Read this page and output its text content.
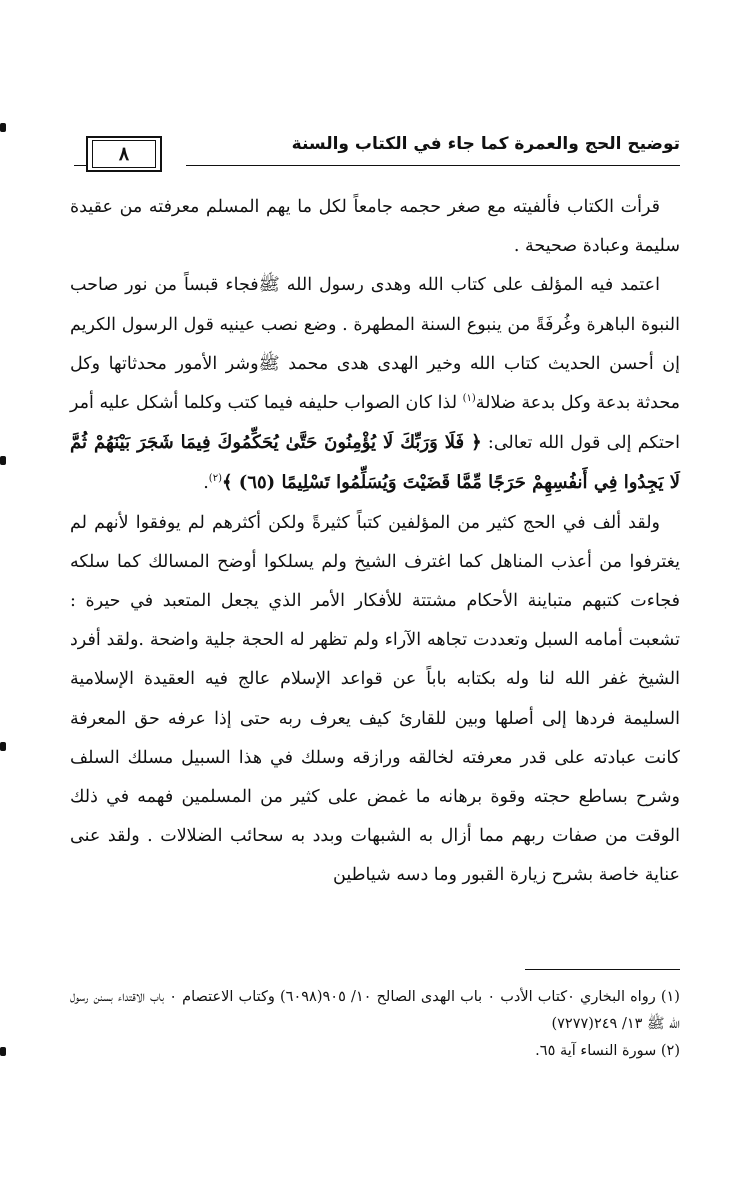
توضيح الحج والعمرة كما جاء في الكتاب والسنة
٨

قرأت الكتاب فألفيته مع صغر حجمه جامعاً لكل ما يهم المسلم معرفته من عقيدة سليمة وعبادة صحيحة .

اعتمد فيه المؤلف على كتاب الله وهدى رسول الله ﷺفجاء قبساً من نور صاحب النبوة الباهرة وغُرفَةً من ينبوع السنة المطهرة . وضع نصب عينيه قول الرسول الكريم إن أحسن الحديث كتاب الله وخير الهدى هدى محمد ﷺوشر الأمور محدثاتها وكل محدثة بدعة وكل بدعة ضلالة$^{(١)}$ لذا كان الصواب حليفه فيما كتب وكلما أشكل عليه أمر احتكم إلى قول الله تعالى: ﴿ فَلَا وَرَبِّكَ لَا يُؤْمِنُونَ حَتَّىٰ يُحَكِّمُوكَ فِيمَا شَجَرَ بَيْنَهُمْ ثُمَّ لَا يَجِدُوا فِي أَنفُسِهِمْ حَرَجًا مِّمَّا قَضَيْتَ وَيُسَلِّمُوا تَسْلِيمًا (٦٥) ﴾$^{(٢)}$.

ولقد ألف في الحج كثير من المؤلفين كتباً كثيرةً ولكن أكثرهم لم يوفقوا لأنهم لم يغترفوا من أعذب المناهل كما اغترف الشيخ ولم يسلكوا أوضح المسالك كما سلكه فجاءت كتبهم متباينة الأحكام مشتتة للأفكار الأمر الذي يجعل المتعبد في حيرة : تشعبت أمامه السبل وتعددت تجاهه الآراء ولم تظهر له الحجة جلية واضحة .ولقد أفرد الشيخ غفر الله لنا وله بكتابه باباً عن قواعد الإسلام عالج فيه العقيدة الإسلامية السليمة فردها إلى أصلها وبين للقارئ كيف يعرف ربه حتى إذا عرفه حق المعرفة كانت عبادته على قدر معرفته لخالقه ورازقه وسلك في هذا السبيل مسلك السلف وشرح بساطع حجته وقوة برهانه ما غمض على كثير من المسلمين فهمه في ذلك الوقت من صفات ربهم مما أزال به الشبهات وبدد به سحائب الضلالات . ولقد عنى عناية خاصة بشرح زيارة القبور وما دسه شياطين

(١) رواه البخاري ٠كتاب الأدب ٠ باب الهدى الصالح ١٠/ ٩٠٥(٦٠٩٨) وكتاب الاعتصام ٠ باب الاقتداء بسنن رسول الله ﷺ ١٣/ ٢٤٩(٧٢٧٧)

(٢) سورة النساء آية ٦٥.
